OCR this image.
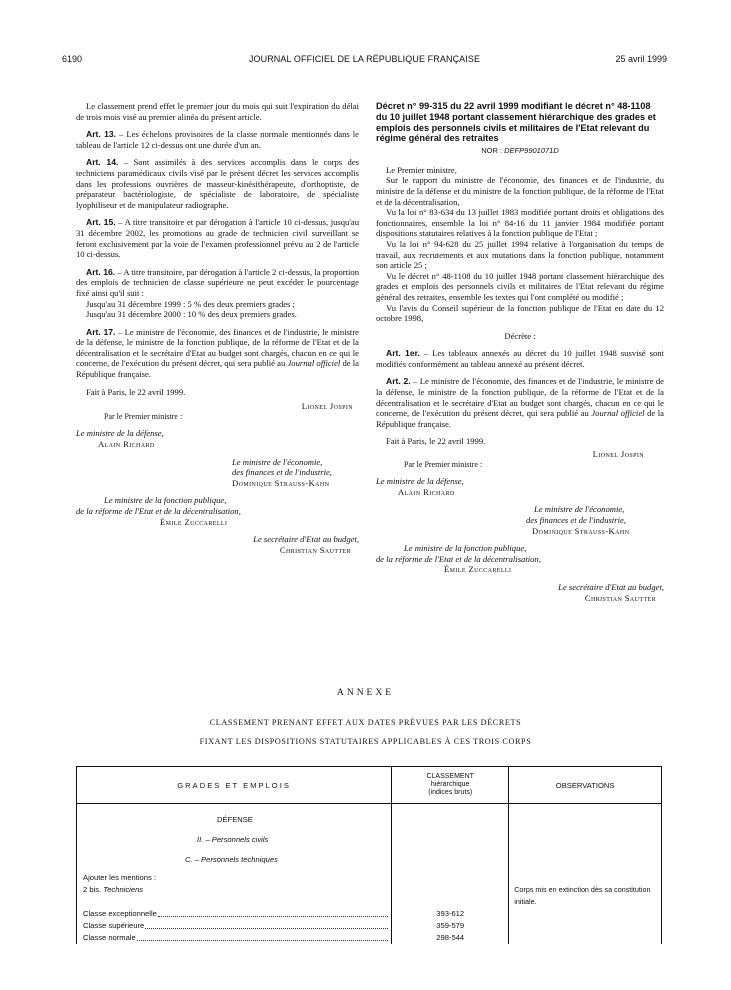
6190	JOURNAL OFFICIEL DE LA RÉPUBLIQUE FRANÇAISE	25 avril 1999

Le classement prend effet le premier jour du mois qui suit l'expiration du délai de trois mois visé au premier alinéa du présent article.

Art. 13. – Les échelons provisoires de la classe normale mentionnés dans le tableau de l'article 12 ci-dessus ont une durée d'un an.

Art. 14. – Sont assimilés à des services accomplis dans le corps des techniciens paramédicaux civils visé par le présent décret les services accomplis dans les professions ouvrières de masseur-kinésithérapeute, d'orthoptiste, de préparateur bactériologiste, de spécialiste de laboratoire, de spécialiste lyophiliseur et de manipulateur radiographe.

Art. 15. – A titre transitoire et par dérogation à l'article 10 ci-dessus, jusqu'au 31 décembre 2002, les promotions au grade de technicien civil surveillant se feront exclusivement par la voie de l'examen professionnel prévu au 2 de l'article 10 ci-dessus.

Art. 16. – A titre transitoire, par dérogation à l'article 2 ci-dessus, la proportion des emplois de technicien de classe supérieure ne peut excéder le pourcentage fixé ainsi qu'il suit :

Jusqu'au 31 décembre 1999 : 5 % des deux premiers grades ;

Jusqu'au 31 décembre 2000 : 10 % des deux premiers grades.

Art. 17. – Le ministre de l'économie, des finances et de l'industrie, le ministre de la défense, le ministre de la fonction publique, de la réforme de l'Etat et de la décentralisation et le secrétaire d'Etat au budget sont chargés, chacun en ce qui le concerne, de l'exécution du présent décret, qui sera publié au Journal officiel de la République française.

Fait à Paris, le 22 avril 1999.
Lionel Jospin
Par le Premier ministre :
Le ministre de la défense,
Alain Richard
Le ministre de l'économie,
des finances et de l'industrie,
Dominique Strauss-Kahn
Le ministre de la fonction publique,
de la réforme de l'Etat et de la décentralisation,
Émile Zuccarelli
Le secrétaire d'Etat au budget,
Christian Sautter
Décret n° 99-315 du 22 avril 1999 modifiant le décret n° 48-1108 du 10 juillet 1948 portant classement hiérarchique des grades et emplois des personnels civils et militaires de l'Etat relevant du régime général des retraites
NOR : DEFP9901071D

Le Premier ministre,

Sur le rapport du ministre de l'économie, des finances et de l'industrie, du ministre de la défense et du ministre de la fonction publique, de la réforme de l'Etat et de la décentralisation,

Vu la loi n° 83-634 du 13 juillet 1983 modifiée portant droits et obligations des fonctionnaires, ensemble la loi n° 84-16 du 11 janvier 1984 modifiée portant dispositions statutaires relatives à la fonction publique de l'Etat ;

Vu la loi n° 94-628 du 25 juillet 1994 relative à l'organisation du temps de travail, aux recrutements et aux mutations dans la fonction publique, notamment son article 25 ;

Vu le décret n° 48-1108 du 10 juillet 1948 portant classement hiérarchique des grades et emplois des personnels civils et militaires de l'Etat relevant du régime général des retraites, ensemble les textes qui l'ont complété ou modifié ;

Vu l'avis du Conseil supérieur de la fonction publique de l'Etat en date du 12 octobre 1998,

Décrète :

Art. 1er. – Les tableaux annexés au décret du 10 juillet 1948 susvisé sont modifiés conformément au tableau annexé au présent décret.

Art. 2. – Le ministre de l'économie, des finances et de l'industrie, le ministre de la défense, le ministre de la fonction publique, de la réforme de l'Etat et de la décentralisation et le secrétaire d'Etat au budget sont chargés, chacun en ce qui le concerne, de l'exécution du présent décret, qui sera publié au Journal officiel de la République française.

Fait à Paris, le 22 avril 1999.
Lionel Jospin
Par le Premier ministre :
Le ministre de la défense,
Alain Richard
Le ministre de l'économie,
des finances et de l'industrie,
Dominique Strauss-Kahn
Le ministre de la fonction publique,
de la réforme de l'Etat et de la décentralisation,
Émile Zuccarelli
Le secrétaire d'Etat au budget,
Christian Sautter
ANNEXE
CLASSEMENT PRENANT EFFET AUX DATES PRÉVUES PAR LES DÉCRETS
FIXANT LES DISPOSITIONS STATUTAIRES APPLICABLES À CES TROIS CORPS
GRADES ET EMPLOIS	CLASSEMENT
hiérarchique
(indices bruts)	OBSERVATIONS

DÉFENSE		

II. – Personnels civils		

C. – Personnels techniques		

Ajouter les mentions :		
2 bis. Techniciens		Corps mis en extinction dès sa constitution initiale.

Classe exceptionnelle	393-612	

Classe supérieure	359-579	

Classe normale	298-544	
